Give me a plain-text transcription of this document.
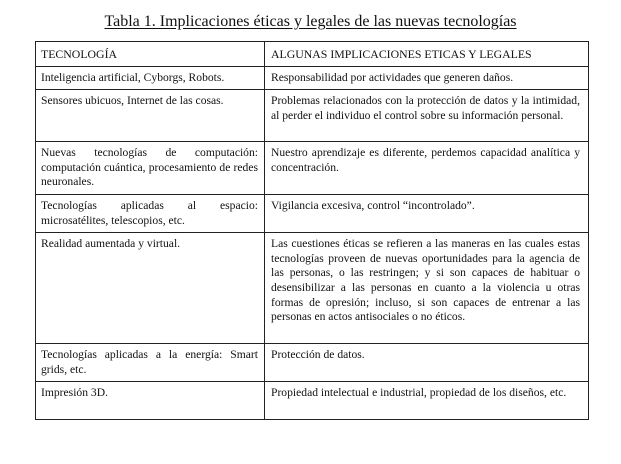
Tabla 1. Implicaciones éticas y legales de las nuevas tecnologías
TECNOLOGÍA	ALGUNAS IMPLICACIONES ETICAS Y LEGALES
Inteligencia artificial, Cyborgs, Robots.	Responsabilidad por actividades que generen daños.
Sensores ubicuos, Internet de las cosas.	Problemas relacionados con la protección de datos y la intimidad, al perder el individuo el control sobre su información personal.
Nuevas tecnologías de computación: computación cuántica, procesamiento de redes neuronales.	Nuestro aprendizaje es diferente, perdemos capacidad analítica y concentración.
Tecnologías aplicadas al espacio: microsatélites, telescopios, etc.	Vigilancia excesiva, control “incontrolado”.
Realidad aumentada y virtual.	Las cuestiones éticas se refieren a las maneras en las cuales estas tecnologías proveen de nuevas oportunidades para la agencia de las personas, o las restringen; y si son capaces de habituar o desensibilizar a las personas en cuanto a la violencia u otras formas de opresión; incluso, si son capaces de entrenar a las personas en actos antisociales o no éticos.
Tecnologías aplicadas a la energía: Smart grids, etc.	Protección de datos.
Impresión 3D.	Propiedad intelectual e industrial, propiedad de los diseños, etc.
